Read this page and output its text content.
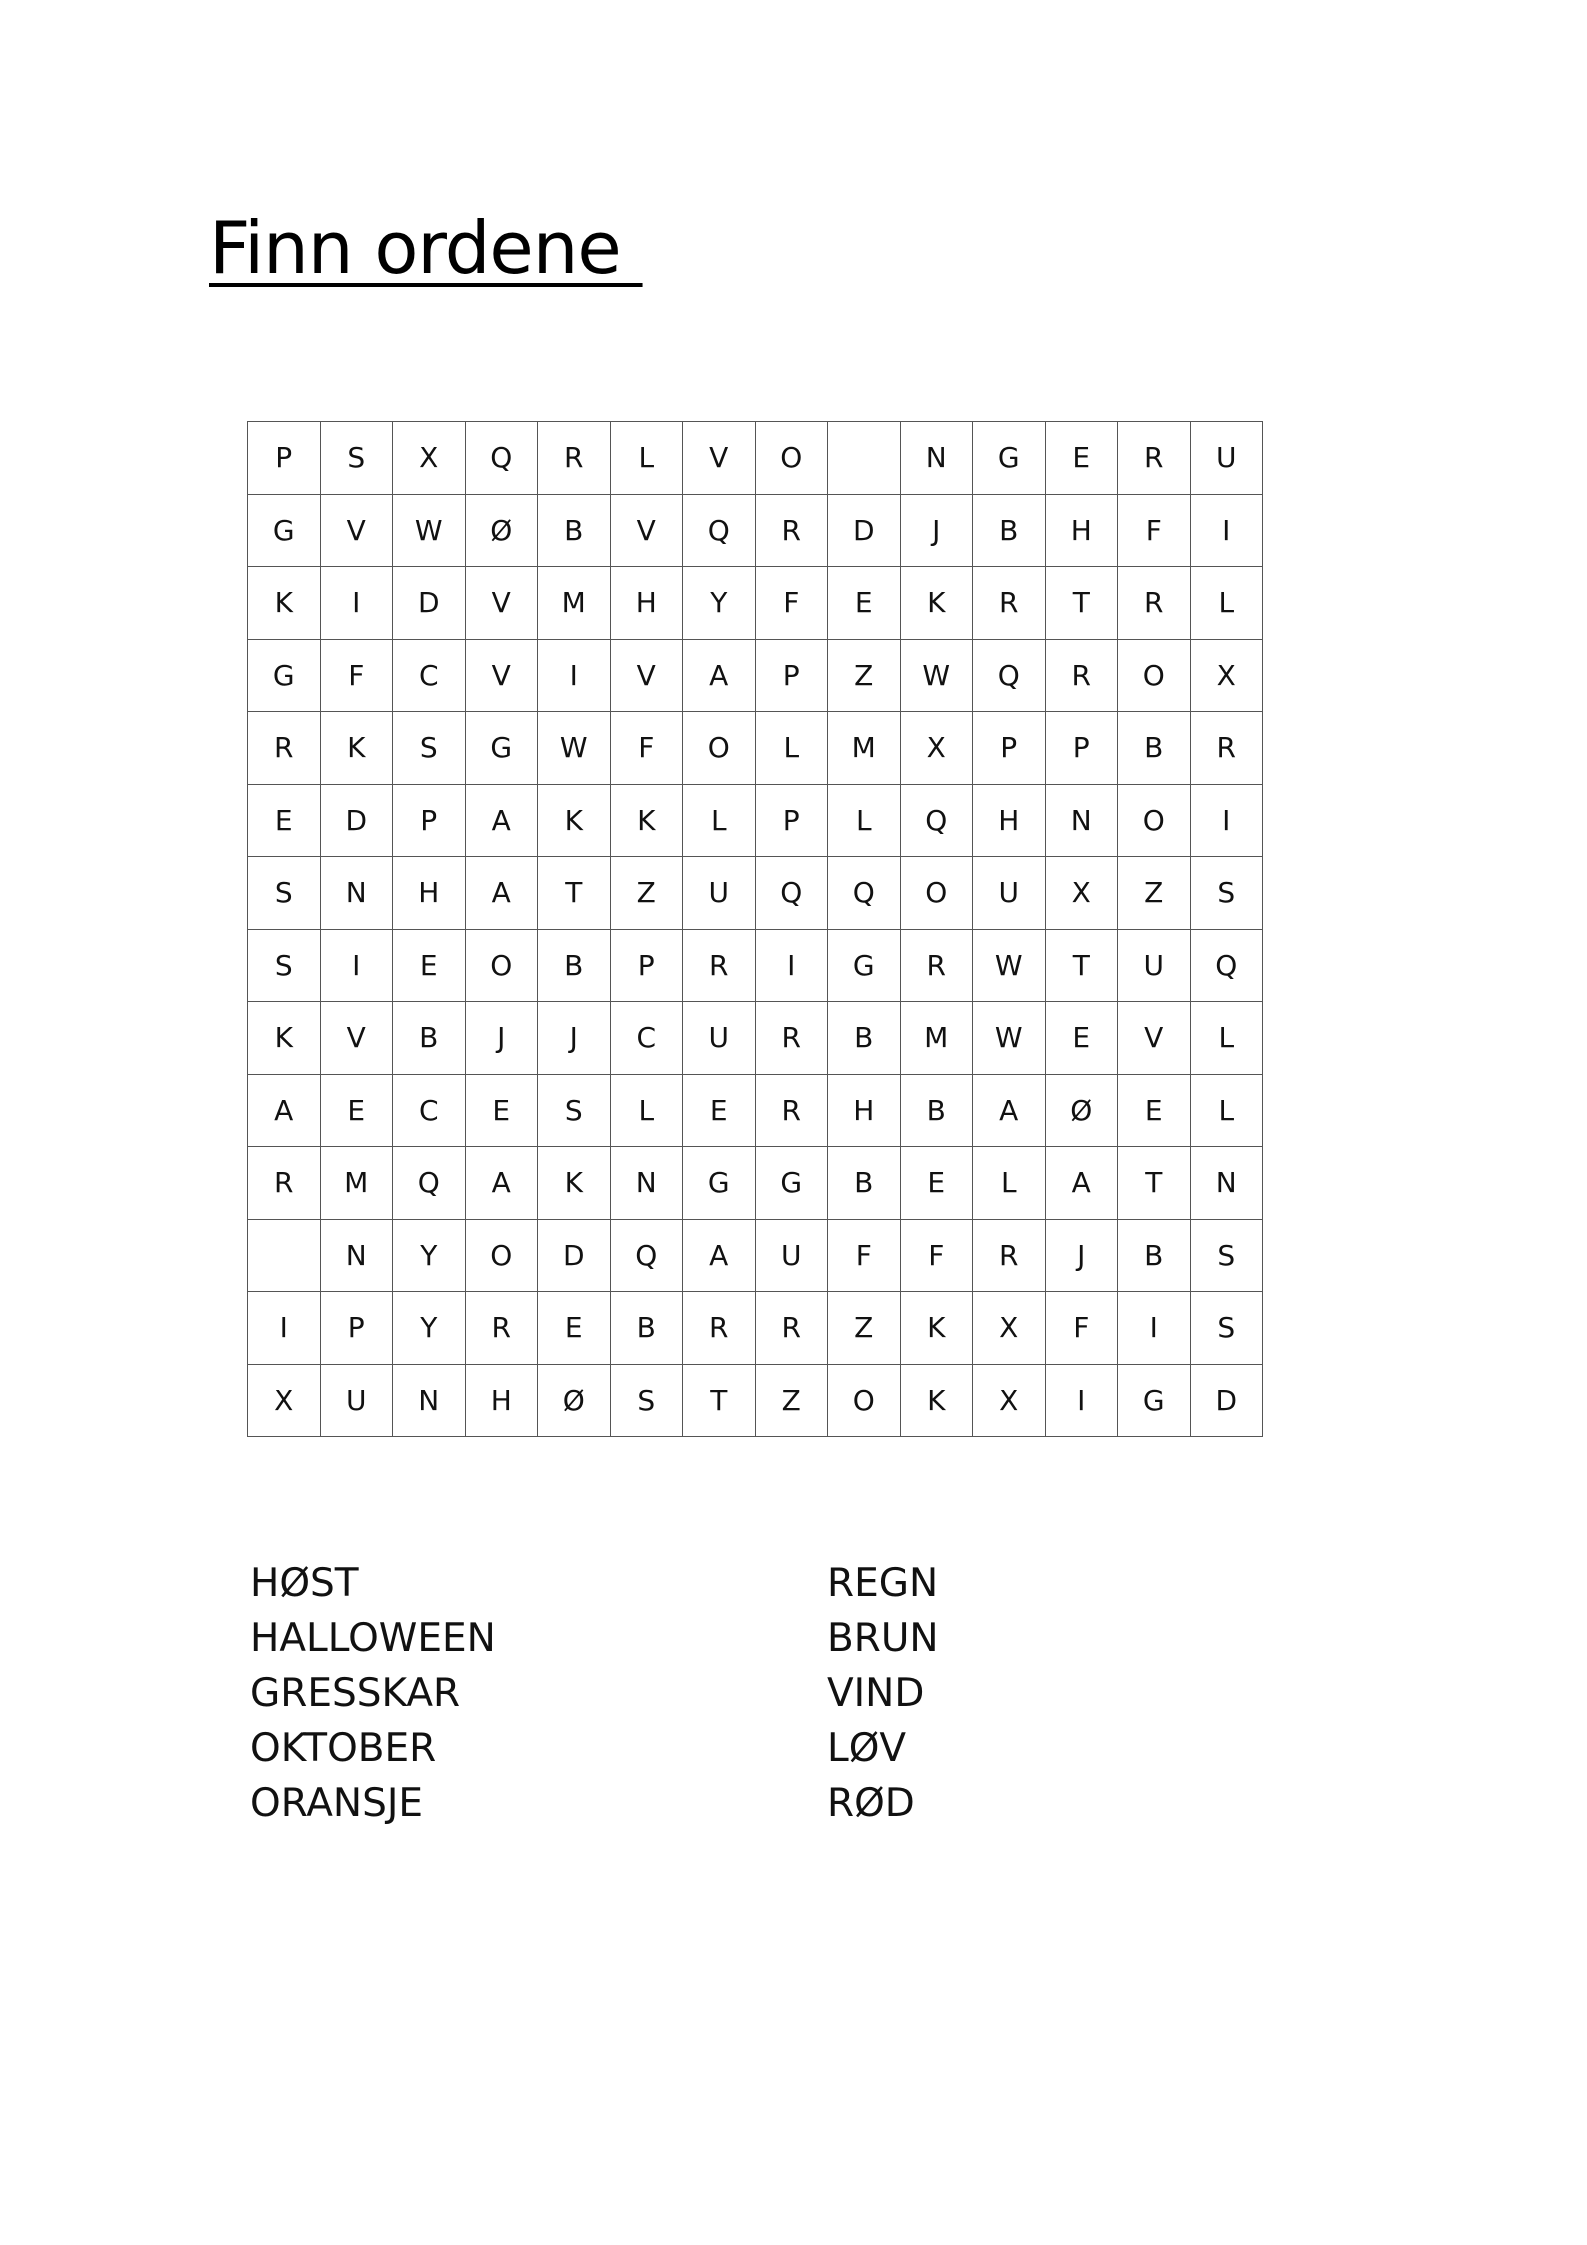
Finn ordene
P	S	X	Q	R	L	V	O		N	G	E	R	U
G	V	W	Ø	B	V	Q	R	D	J	B	H	F	I
K	I	D	V	M	H	Y	F	E	K	R	T	R	L
G	F	C	V	I	V	A	P	Z	W	Q	R	O	X
R	K	S	G	W	F	O	L	M	X	P	P	B	R
E	D	P	A	K	K	L	P	L	Q	H	N	O	I
S	N	H	A	T	Z	U	Q	Q	O	U	X	Z	S
S	I	E	O	B	P	R	I	G	R	W	T	U	Q
K	V	B	J	J	C	U	R	B	M	W	E	V	L
A	E	C	E	S	L	E	R	H	B	A	Ø	E	L
R	M	Q	A	K	N	G	G	B	E	L	A	T	N
	N	Y	O	D	Q	A	U	F	F	R	J	B	S
I	P	Y	R	E	B	R	R	Z	K	X	F	I	S
X	U	N	H	Ø	S	T	Z	O	K	X	I	G	D
HØST
HALLOWEEN
GRESSKAR
OKTOBER
ORANSJE
REGN
BRUN
VIND
LØV
RØD
